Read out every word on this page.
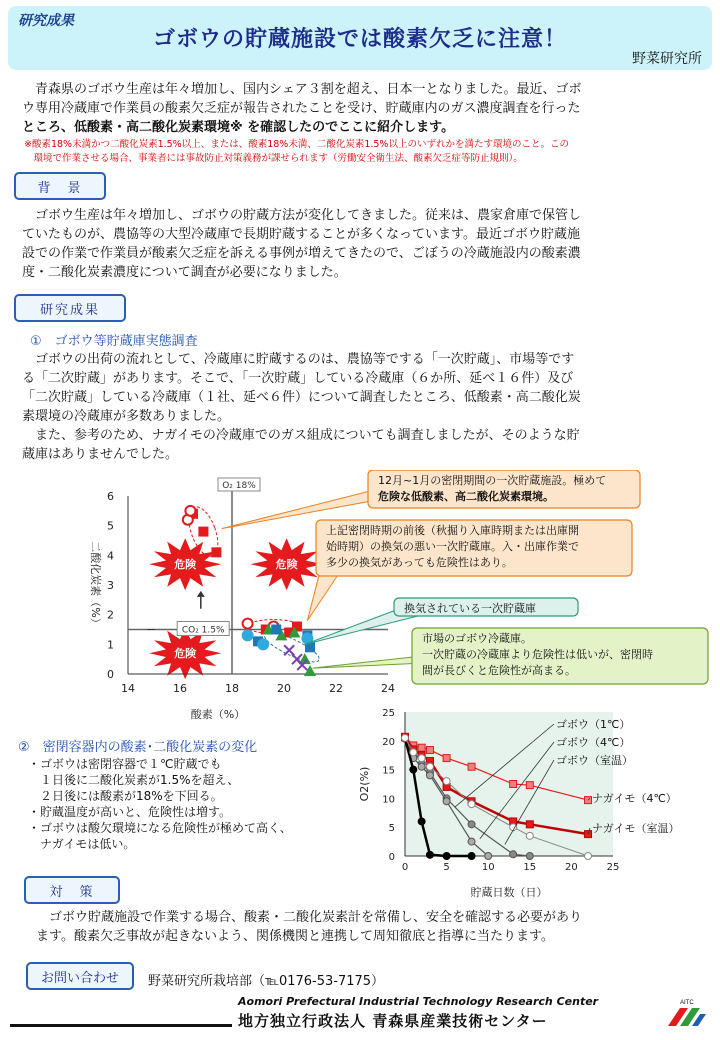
研究成果
ゴボウの貯蔵施設では酸素欠乏に注意！
野菜研究所
　青森県のゴボウ生産は年々増加し、国内シェア３割を超え、日本一となりました。最近、ゴボ
ウ専用冷蔵庫で作業員の酸素欠乏症が報告されたことを受け、貯蔵庫内のガス濃度調査を行った
ところ、低酸素・高二酸化炭素環境※ を確認したのでここに紹介します。
※酸素18%未満かつ二酸化炭素1.5%以上、または、酸素18%未満、二酸化炭素1.5%以上のいずれかを満たす環境のこと。この
　環境で作業させる場合、事業者には事故防止対策義務が課せられます（労働安全衛生法、酸素欠乏症等防止規則）。
背　景
　ゴボウ生産は年々増加し、ゴボウの貯蔵方法が変化してきました。従来は、農家倉庫で保管し
ていたものが、農協等の大型冷蔵庫で長期貯蔵することが多くなっています。最近ゴボウ貯蔵施
設での作業で作業員が酸素欠乏症を訴える事例が増えてきたので、ごぼうの冷蔵施設内の酸素濃
度・二酸化炭素濃度について調査が必要になりました。
研究成果
①　ゴボウ等貯蔵庫実態調査
　ゴボウの出荷の流れとして、冷蔵庫に貯蔵するのは、農協等でする「一次貯蔵」、市場等です
る「二次貯蔵」があります。そこで、「一次貯蔵」している冷蔵庫（６か所、延べ１６件）及び
「二次貯蔵」している冷蔵庫（１社、延べ６件）について調査したところ、低酸素・高二酸化炭
素環境の冷蔵庫が多数ありました。
　また、参考のため、ナガイモの冷蔵庫でのガス組成についても調査しましたが、そのような貯
蔵庫はありませんでした。
危険	危険
危険
14	16	18	20	22	24
0
1
2
3
4
5
6
酸素（%）
二酸化炭素（%）
O₂ 18%
CO₂ 1.5%
12月~1月の密閉期間の一次貯蔵施設。極めて
危険な低酸素、高二酸化炭素環境。
上記密閉時期の前後（秋掘り入庫時期または出庫開
始時期）の換気の悪い一次貯蔵庫。入・出庫作業で
多少の換気があっても危険性はあり。
換気されている一次貯蔵庫
市場のゴボウ冷蔵庫。
一次貯蔵の冷蔵庫より危険性は低いが、密閉時
間が長びくと危険性が高まる。
②　密閉容器内の酸素･二酸化炭素の変化
・ゴボウは密閉容器で１℃貯蔵でも
　１日後に二酸化炭素が1.5%を超え、
　２日後には酸素が18%を下回る。
・貯蔵温度が高いと、危険性は増す。
・ゴボウは酸欠環境になる危険性が極めて高く、
　ナガイモは低い。
0	5	10	15	20	25
0
5
10
15
20
25
貯蔵日数（日）
O2(%)
ゴボウ（1℃）
ゴボウ（4℃）
ゴボウ（室温）
ナガイモ（4℃）
ナガイモ（室温）
対　策
　ゴボウ貯蔵施設で作業する場合、酸素・二酸化炭素計を常備し、安全を確認する必要があり
ます。酸素欠乏事故が起きないよう、関係機関と連携して周知徹底と指導に当たります。
お問い合わせ	野菜研究所栽培部（℡0176-53-7175）
Aomori Prefectural Industrial Technology Research Center
地方独立行政法人 青森県産業技術センター
AITC
